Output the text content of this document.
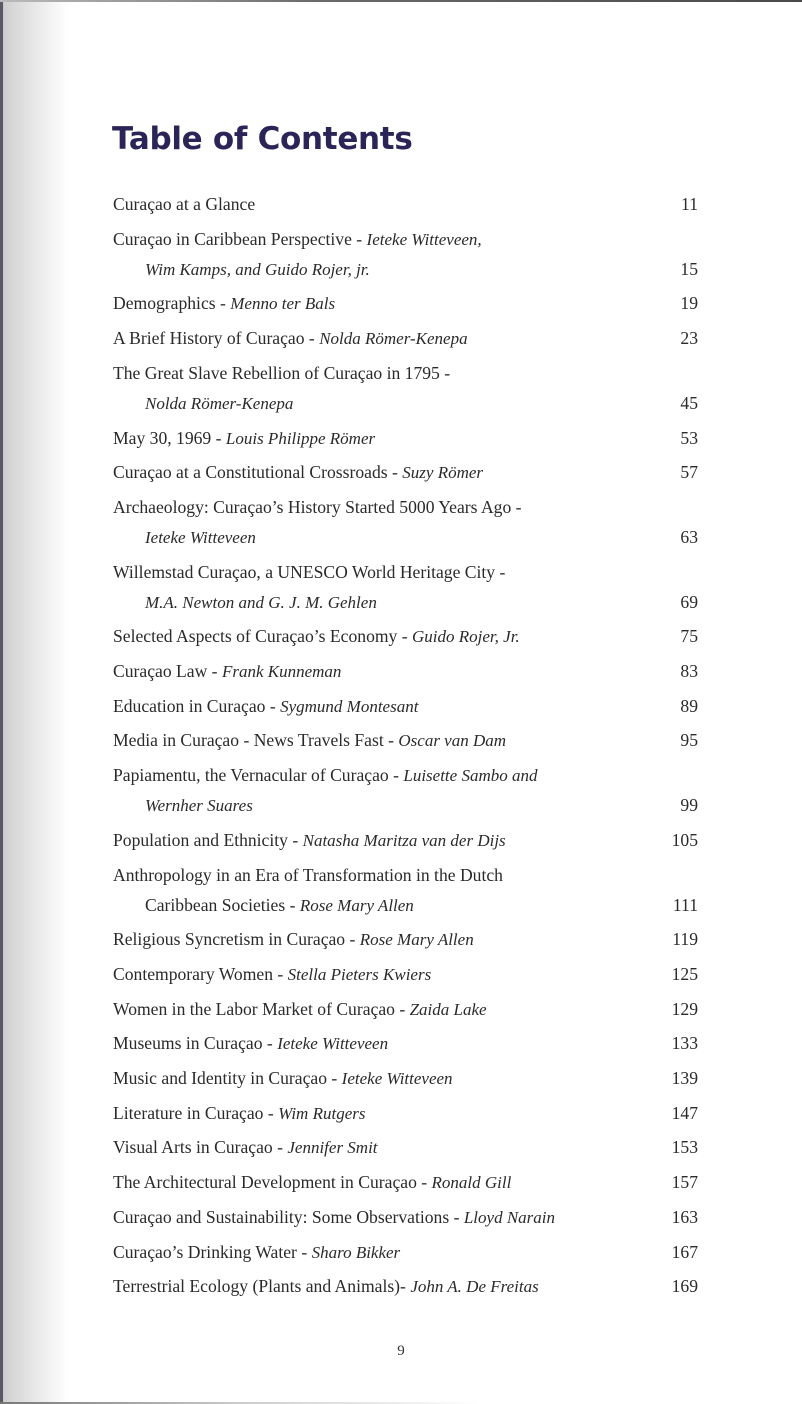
Table of Contents
Curaçao at a Glance	11
Curaçao in Caribbean Perspective - Ieteke Witteveen,
Wim Kamps, and Guido Rojer, jr.	15
Demographics - Menno ter Bals	19
A Brief History of Curaçao - Nolda Römer-Kenepa	23
The Great Slave Rebellion of Curaçao in 1795 -
Nolda Römer-Kenepa	45
May 30, 1969 - Louis Philippe Römer	53
Curaçao at a Constitutional Crossroads - Suzy Römer	57
Archaeology: Curaçao’s History Started 5000 Years Ago -
Ieteke Witteveen	63
Willemstad Curaçao, a UNESCO World Heritage City -
M.A. Newton and G. J. M. Gehlen	69
Selected Aspects of Curaçao’s Economy - Guido Rojer, Jr.	75
Curaçao Law - Frank Kunneman	83
Education in Curaçao - Sygmund Montesant	89
Media in Curaçao - News Travels Fast - Oscar van Dam	95
Papiamentu, the Vernacular of Curaçao - Luisette Sambo and
Wernher Suares	99
Population and Ethnicity - Natasha Maritza van der Dijs	105
Anthropology in an Era of Transformation in the Dutch
Caribbean Societies - Rose Mary Allen	111
Religious Syncretism in Curaçao - Rose Mary Allen	119
Contemporary Women - Stella Pieters Kwiers	125
Women in the Labor Market of Curaçao - Zaida Lake	129
Museums in Curaçao - Ieteke Witteveen	133
Music and Identity in Curaçao - Ieteke Witteveen	139
Literature in Curaçao - Wim Rutgers	147
Visual Arts in Curaçao - Jennifer Smit	153
The Architectural Development in Curaçao - Ronald Gill	157
Curaçao and Sustainability: Some Observations - Lloyd Narain	163
Curaçao’s Drinking Water - Sharo Bikker	167
Terrestrial Ecology (Plants and Animals)- John A. De Freitas	169
9
